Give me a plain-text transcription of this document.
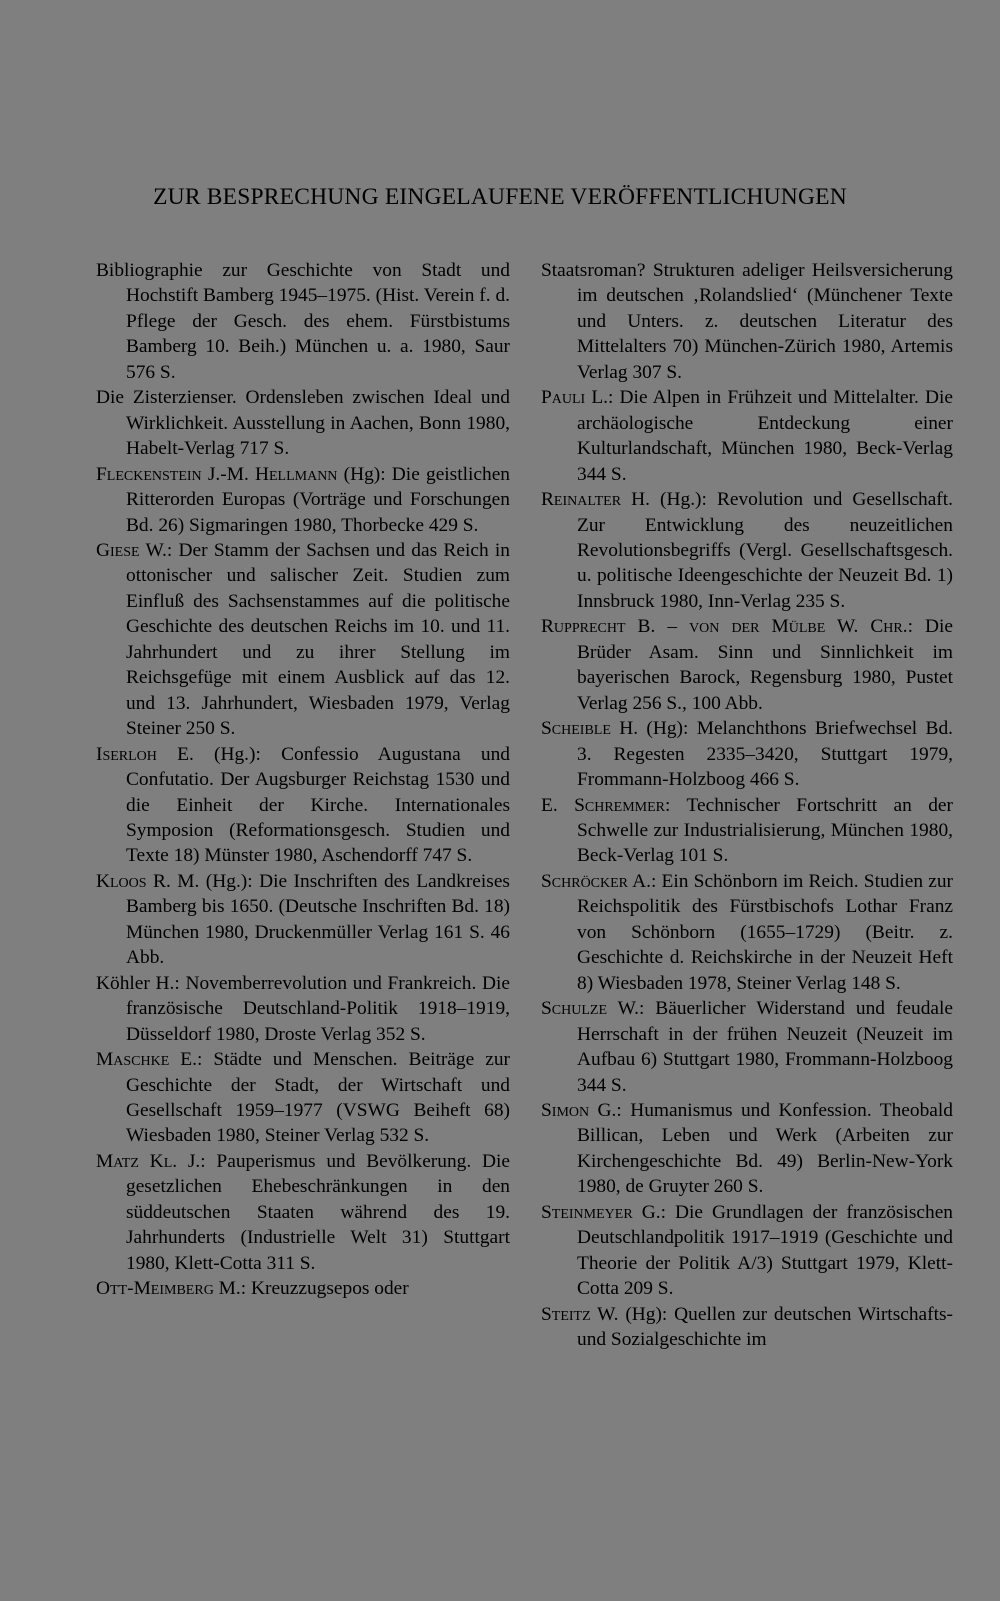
ZUR BESPRECHUNG EINGELAUFENE VERÖFFENTLICHUNGEN

Bibliographie zur Geschichte von Stadt und Hochstift Bamberg 1945–1975. (Hist. Verein f. d. Pflege der Gesch. des ehem. Fürstbistums Bamberg 10. Beih.) München u. a. 1980, Saur 576 S.

Die Zisterzienser. Ordensleben zwischen Ideal und Wirklichkeit. Ausstellung in Aachen, Bonn 1980, Habelt-Verlag 717 S.

Fleckenstein J.-M. Hellmann (Hg): Die geistlichen Ritterorden Europas (Vorträge und Forschungen Bd. 26) Sigmaringen 1980, Thorbecke 429 S.

Giese W.: Der Stamm der Sachsen und das Reich in ottonischer und salischer Zeit. Studien zum Einfluß des Sachsenstammes auf die politische Geschichte des deutschen Reichs im 10. und 11. Jahrhundert und zu ihrer Stellung im Reichsgefüge mit einem Ausblick auf das 12. und 13. Jahrhundert, Wiesbaden 1979, Verlag Steiner 250 S.

Iserloh E. (Hg.): Confessio Augustana und Confutatio. Der Augsburger Reichstag 1530 und die Einheit der Kirche. Internationales Symposion (Reformationsgesch. Studien und Texte 18) Münster 1980, Aschendorff 747 S.

Kloos R. M. (Hg.): Die Inschriften des Landkreises Bamberg bis 1650. (Deutsche Inschriften Bd. 18) München 1980, Druckenmüller Verlag 161 S. 46 Abb.

Köhler H.: Novemberrevolution und Frankreich. Die französische Deutschland-Politik 1918–1919, Düsseldorf 1980, Droste Verlag 352 S.

Maschke E.: Städte und Menschen. Beiträge zur Geschichte der Stadt, der Wirtschaft und Gesellschaft 1959–1977 (VSWG Beiheft 68) Wiesbaden 1980, Steiner Verlag 532 S.

Matz Kl. J.: Pauperismus und Bevölkerung. Die gesetzlichen Ehebeschränkungen in den süddeutschen Staaten während des 19. Jahrhunderts (Industrielle Welt 31) Stuttgart 1980, Klett-Cotta 311 S.

Ott-Meimberg M.: Kreuzzugsepos oder

Staatsroman? Strukturen adeliger Heilsversicherung im deutschen ‚Rolandslied‘ (Münchener Texte und Unters. z. deutschen Literatur des Mittelalters 70) München-Zürich 1980, Artemis Verlag 307 S.

Pauli L.: Die Alpen in Frühzeit und Mittelalter. Die archäologische Entdeckung einer Kulturlandschaft, München 1980, Beck-Verlag 344 S.

Reinalter H. (Hg.): Revolution und Gesellschaft. Zur Entwicklung des neuzeitlichen Revolutionsbegriffs (Vergl. Gesellschaftsgesch. u. politische Ideengeschichte der Neuzeit Bd. 1) Innsbruck 1980, Inn-Verlag 235 S.

Rupprecht B. – von der Mülbe W. Chr.: Die Brüder Asam. Sinn und Sinnlichkeit im bayerischen Barock, Regensburg 1980, Pustet Verlag 256 S., 100 Abb.

Scheible H. (Hg): Melanchthons Briefwechsel Bd. 3. Regesten 2335–3420, Stuttgart 1979, Frommann-Holzboog 466 S.

E. Schremmer: Technischer Fortschritt an der Schwelle zur Industrialisierung, München 1980, Beck-Verlag 101 S.

Schröcker A.: Ein Schönborn im Reich. Studien zur Reichspolitik des Fürstbischofs Lothar Franz von Schönborn (1655–1729) (Beitr. z. Geschichte d. Reichskirche in der Neuzeit Heft 8) Wiesbaden 1978, Steiner Verlag 148 S.

Schulze W.: Bäuerlicher Widerstand und feudale Herrschaft in der frühen Neuzeit (Neuzeit im Aufbau 6) Stuttgart 1980, Frommann-Holzboog 344 S.

Simon G.: Humanismus und Konfession. Theobald Billican, Leben und Werk (Arbeiten zur Kirchengeschichte Bd. 49) Berlin-New-York 1980, de Gruyter 260 S.

Steinmeyer G.: Die Grundlagen der französischen Deutschlandpolitik 1917–1919 (Geschichte und Theorie der Politik A/3) Stuttgart 1979, Klett-Cotta 209 S.

Steitz W. (Hg): Quellen zur deutschen Wirtschafts- und Sozialgeschichte im
